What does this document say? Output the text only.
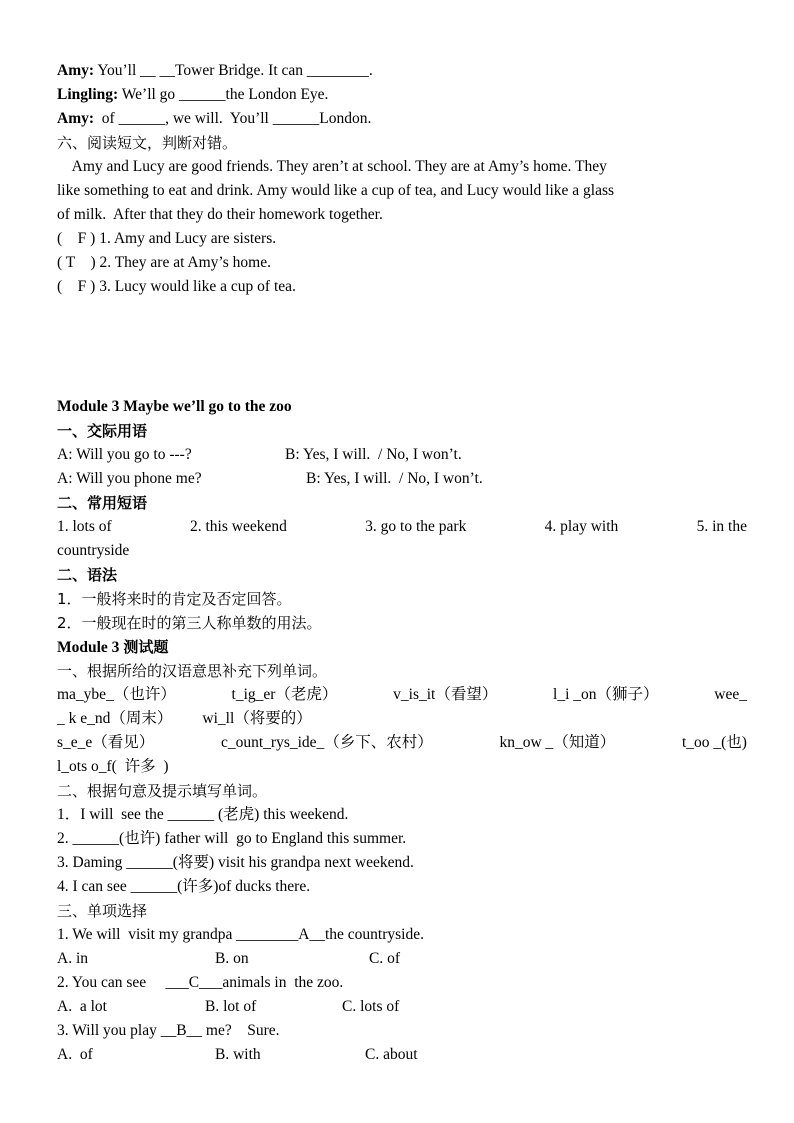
Amy: You’ll __ __Tower Bridge. It can ________.
Lingling: We’ll go ______the London Eye.
Amy:  of ______, we will.  You’ll ______London.
六、阅读短文，判断对错。
Amy and Lucy are good friends. They aren’t at school. They are at Amy’s home. They
like something to eat and drink. Amy would like a cup of tea, and Lucy would like a glass
of milk.  After that they do their homework together.
(    F ) 1. Amy and Lucy are sisters.
( T    ) 2. They are at Amy’s home.
(    F ) 3. Lucy would like a cup of tea.
Module 3 Maybe we’ll go to the zoo
一、交际用语
A: Will you go to ---?	B: Yes, I will.  / No, I won’t.
A: Will you phone me?	B: Yes, I will.  / No, I won’t.
二、常用短语
1. lots of	2. this weekend	3. go to the park	4. play with	5. in the
countryside
二、语法
1．一般将来时的肯定及否定回答。
2．一般现在时的第三人称单数的用法。
Module 3 测试题
一、根据所给的汉语意思补充下列单词。
ma_ybe_（也许）	t_ig_er（老虎）	v_is_it（看望）	l_i _on（狮子）	wee_
_ k e_nd（周末） wi_ll（将要的）
s_e_e（看见）	c_ount_rys_ide_（乡下、农村）	kn_ow _（知道）	t_oo _(也)
l_ots o_f(  许多  )
二、根据句意及提示填写单词。
1．I will  see the ______ (老虎) this weekend.
2. ______(也许) father will  go to England this summer.
3. Daming ______(将要) visit his grandpa next weekend.
4. I can see ______(许多)of ducks there.
三、单项选择
1. We will  visit my grandpa ________A__the countryside.
A. in	B. on	C. of
2. You can see     ___C___animals in  the zoo.
A.  a lot	B. lot of	C. lots of
3. Will you play __B__ me?    Sure.
A.  of	B. with	C. about
